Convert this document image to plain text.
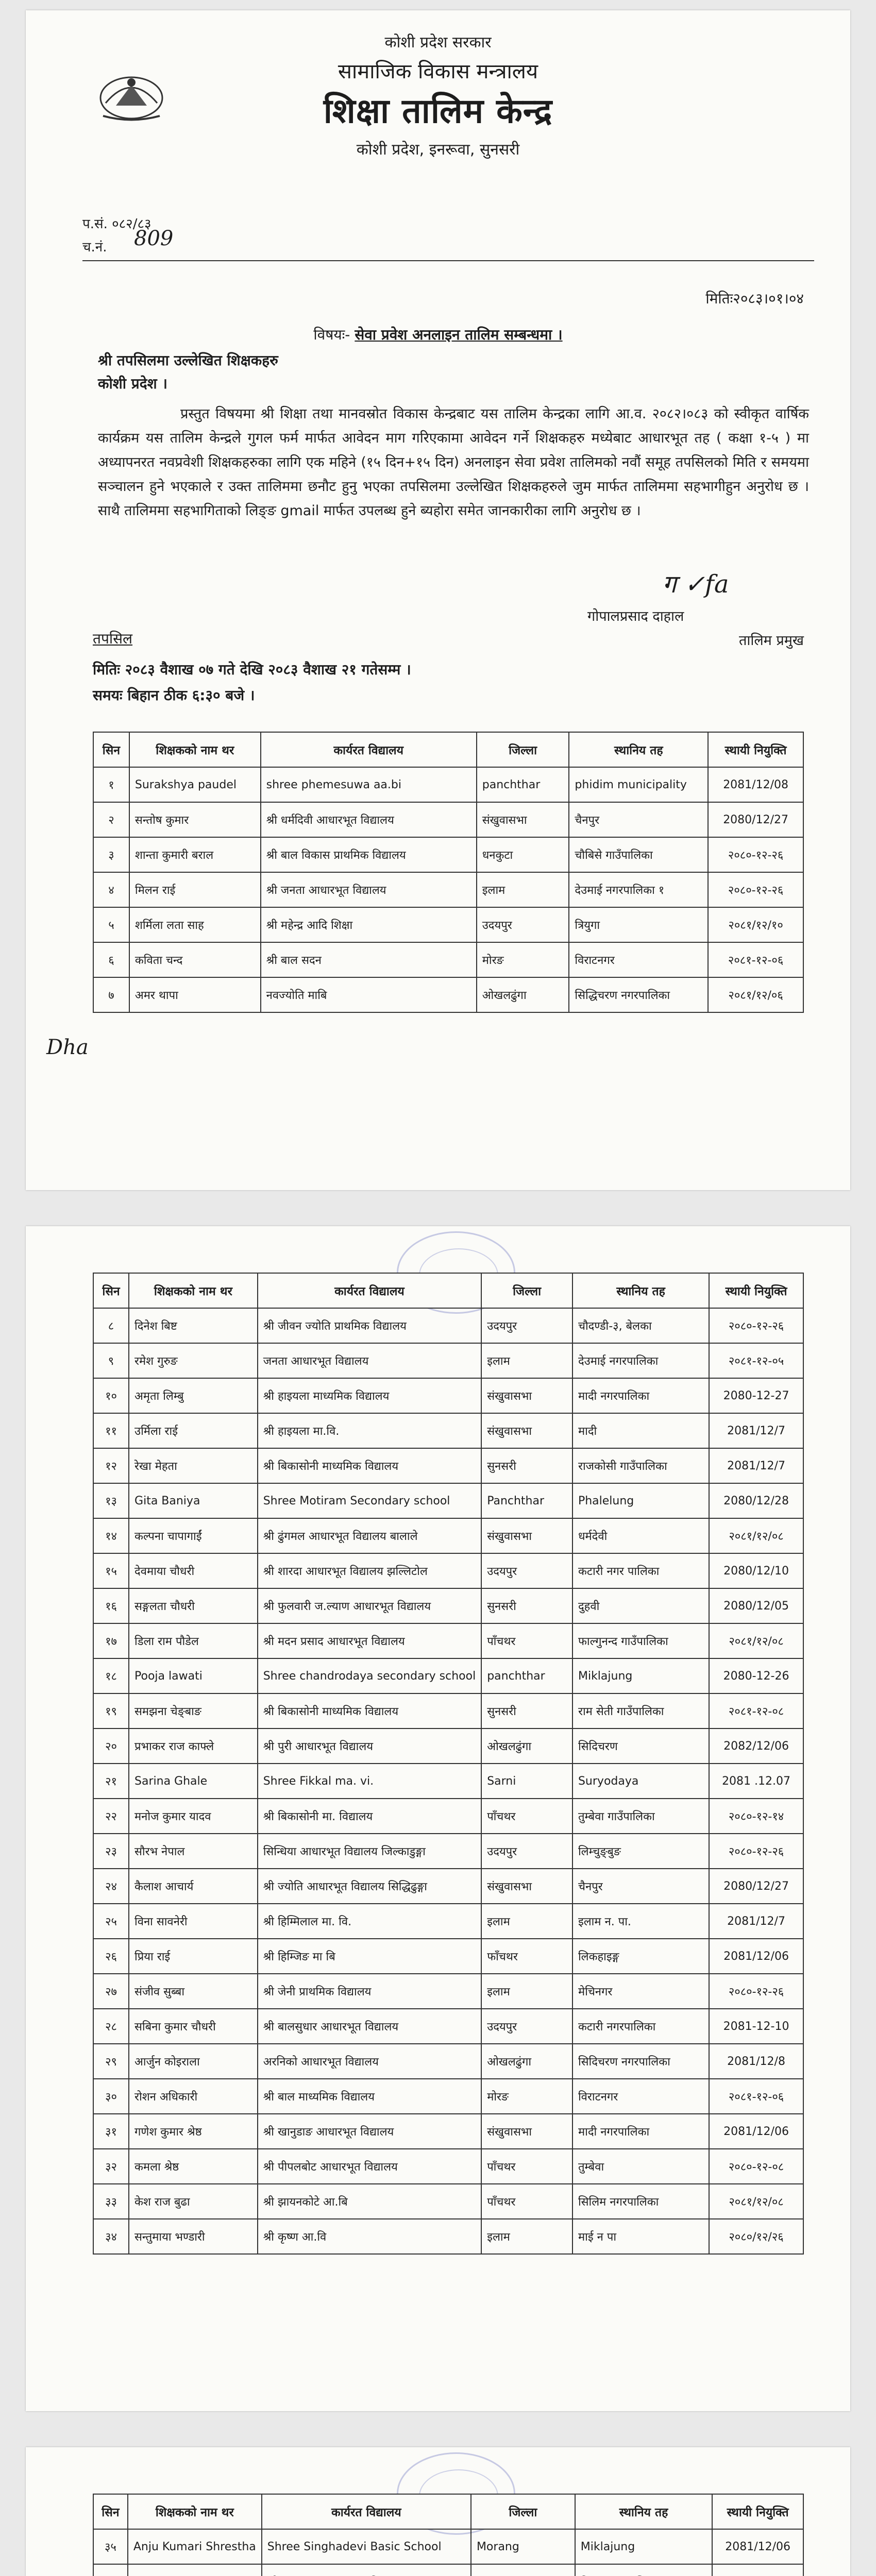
कोशी प्रदेश सरकार
सामाजिक विकास मन्त्रालय
शिक्षा तालिम केन्द्र
कोशी प्रदेश, इनरूवा, सुनसरी
प.सं. ०८२/८३
च.नं. 809
मितिः२०८३।०१।०४
विषयः- सेवा प्रवेश अनलाइन तालिम सम्बन्धमा ।
श्री तपसिलमा उल्लेखित शिक्षकहरु
कोशी प्रदेश ।

प्रस्तुत विषयमा श्री शिक्षा तथा मानवस्रोत विकास केन्द्रबाट यस तालिम केन्द्रका लागि आ.व. २०८२।०८३ को स्वीकृत वार्षिक कार्यक्रम यस तालिम केन्द्रले गुगल फर्म मार्फत आवेदन माग गरिएकामा आवेदन गर्ने शिक्षकहरु मध्येबाट आधारभूत तह ( कक्षा १-५ ) मा अध्यापनरत नवप्रवेशी शिक्षकहरुका लागि एक महिने (१५ दिन+१५ दिन) अनलाइन सेवा प्रवेश तालिमको नवौं समूह तपसिलको मिति र समयमा सञ्चालन हुने भएकाले र उक्त तालिममा छनौट हुनु भएका तपसिलमा उल्लेखित शिक्षकहरुले जुम मार्फत तालिममा सहभागीहुन अनुरोध छ । साथै तालिममा सहभागिताको लिङ्ङ gmail मार्फत उपलब्ध हुने ब्यहोरा समेत जानकारीका लागि अनुरोध छ ।

ग ✓fa
गोपालप्रसाद दाहाल
तालिम प्रमुख
तपसिल
मितिः २०८३ वैशाख ०७ गते देखि २०८३ वैशाख २१ गतेसम्म ।
समयः बिहान ठीक ६:३० बजे ।
सिन	शिक्षकको नाम थर	कार्यरत विद्यालय	जिल्ला	स्थानिय तह	स्थायी नियुक्ति
१	Surakshya paudel	shree phemesuwa aa.bi	panchthar	phidim municipality	2081/12/08
२	सन्तोष कुमार	श्री धर्मदिवी आधारभूत विद्यालय	संखुवासभा	चैनपुर	2080/12/27
३	शान्ता कुमारी बराल	श्री बाल विकास प्राथमिक विद्यालय	धनकुटा	चौबिसे गाउँपालिका	२०८०-१२-२६
४	मिलन राई	श्री जनता आधारभूत विद्यालय	इलाम	देउमाई नगरपालिका १	२०८०-१२-२६
५	शर्मिला लता साह	श्री महेन्द्र आदि शिक्षा	उदयपुर	त्रियुगा	२०८१/१२/१०
६	कविता चन्द	श्री बाल सदन	मोरङ	विराटनगर	२०८१-१२-०६
७	अमर थापा	नवज्योति माबि	ओखलढुंगा	सिद्धिचरण नगरपालिका	२०८१/१२/०६
Dha
सिन	शिक्षकको नाम थर	कार्यरत विद्यालय	जिल्ला	स्थानिय तह	स्थायी नियुक्ति
८	दिनेश बिष्ट	श्री जीवन ज्योति प्राथमिक विद्यालय	उदयपुर	चौदण्डी-३, बेलका	२०८०-१२-२६
९	रमेश गुरुङ	जनता आधारभूत विद्यालय	इलाम	देउमाई नगरपालिका	२०८१-१२-०५
१०	अमृता लिम्बु	श्री हाइयला माध्यमिक विद्यालय	संखुवासभा	मादी नगरपालिका	2080-12-27
११	उर्मिला राई	श्री हाइयला मा.वि.	संखुवासभा	मादी	2081/12/7
१२	रेखा मेहता	श्री बिकासोनी माध्यमिक विद्यालय	सुनसरी	राजकोसी गाउँपालिका	2081/12/7
१३	Gita Baniya	Shree Motiram Secondary school	Panchthar	Phalelung	2080/12/28
१४	कल्पना चापागाईं	श्री ढुंगमल आधारभूत विद्यालय बालाले	संखुवासभा	धर्मदेवी	२०८१/१२/०८
१५	देवमाया चौधरी	श्री शारदा आधारभूत विद्यालय झल्लिटोल	उदयपुर	कटारी नगर पालिका	2080/12/10
१६	सङ्गलता चौधरी	श्री फुलवारी ज.ल्याण आधारभूत विद्यालय	सुनसरी	दुहवी	2080/12/05
१७	डिला राम पौडेल	श्री मदन प्रसाद आधारभूत विद्यालय	पाँचथर	फाल्गुनन्द गाउँपालिका	२०८१/१२/०८
१८	Pooja lawati	Shree chandrodaya secondary school	panchthar	Miklajung	2080-12-26
१९	समझना चेङ्बाङ	श्री बिकासोनी माध्यमिक विद्यालय	सुनसरी	राम सेती गाउँपालिका	२०८१-१२-०८
२०	प्रभाकर राज काफ्ले	श्री पुरी आधारभूत विद्यालय	ओखलढुंगा	सिदिचरण	2082/12/06
२१	Sarina Ghale	Shree Fikkal ma. vi.	Sarni	Suryodaya	2081 .12.07
२२	मनोज कुमार यादव	श्री बिकासोनी मा. विद्यालय	पाँचथर	तुम्बेवा गाउँपालिका	२०८०-१२-१४
२३	सौरभ नेपाल	सिन्धिया आधारभूत विद्यालय जिल्काडुङ्गा	उदयपुर	लिम्चुङ्बुङ	२०८०-१२-२६
२४	कैलाश आचार्य	श्री ज्योति आधारभूत विद्यालय सिद्धिढुङ्गा	संखुवासभा	चैनपुर	2080/12/27
२५	विना सावनेरी	श्री हिम्मिलाल मा. वि.	इलाम	इलाम न. पा.	2081/12/7
२६	प्रिया राई	श्री हिम्जिङ मा बि	फाँचथर	लिकहाइङ्ग	2081/12/06
२७	संजीव सुब्बा	श्री जेनी प्राथमिक विद्यालय	इलाम	मेचिनगर	२०८०-१२-२६
२८	सबिना कुमार चौधरी	श्री बालसुधार आधारभूत विद्यालय	उदयपुर	कटारी नगरपालिका	2081-12-10
२९	आर्जुन कोइराला	अरनिको आधारभूत विद्यालय	ओखलढुंगा	सिदिचरण नगरपालिका	2081/12/8
३०	रोशन अधिकारी	श्री बाल माध्यमिक विद्यालय	मोरङ	विराटनगर	२०८१-१२-०६
३१	गणेश कुमार श्रेष्ठ	श्री खानुडाङ आधारभूत विद्यालय	संखुवासभा	मादी नगरपालिका	2081/12/06
३२	कमला श्रेष्ठ	श्री पीपलबोट आधारभूत विद्यालय	पाँचथर	तुम्बेवा	२०८०-१२-०८
३३	केश राज बुढा	श्री झायनकोटे आ.बि	पाँचथर	सिलिम नगरपालिका	२०८१/१२/०८
३४	सन्तुमाया भण्डारी	श्री कृष्ण आ.वि	इलाम	माई न पा	२०८०/१२/२६
सिन	शिक्षकको नाम थर	कार्यरत विद्यालय	जिल्ला	स्थानिय तह	स्थायी नियुक्ति
३५	Anju Kumari Shrestha	Shree Singhadevi Basic School	Morang	Miklajung	2081/12/06
